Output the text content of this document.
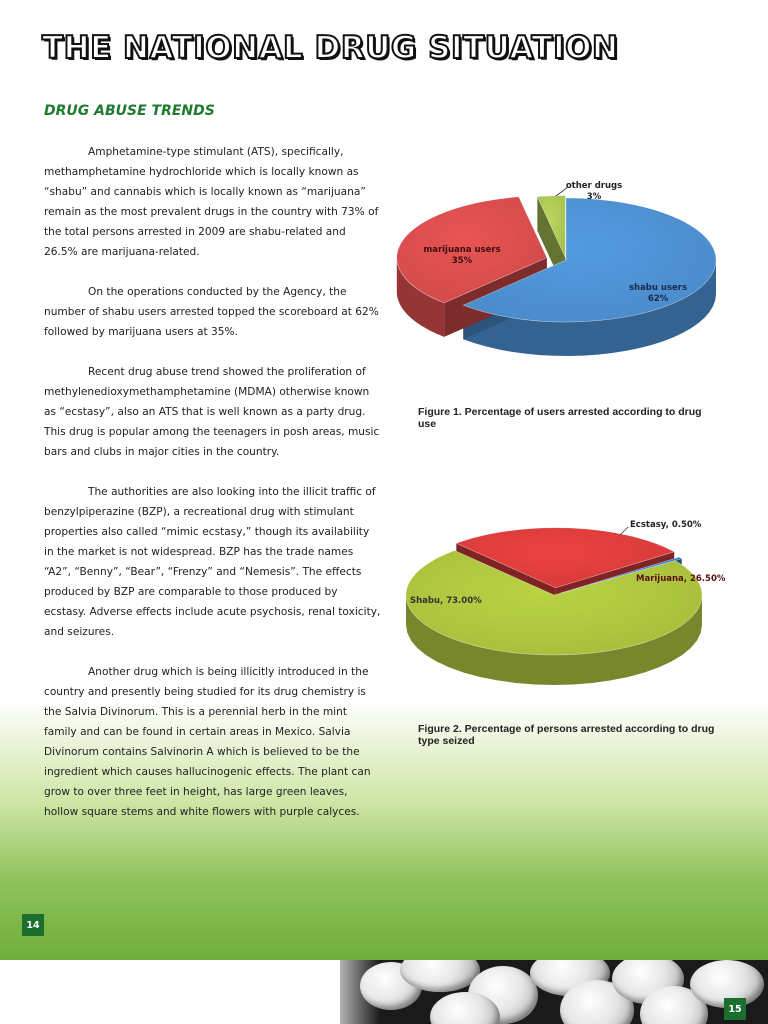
THE NATIONAL DRUG SITUATION
DRUG ABUSE TRENDS

Amphetamine-type stimulant (ATS), specifically, methamphetamine hydrochloride which is locally known as “shabu” and cannabis which is locally known as “marijuana” remain as the most prevalent drugs in the country with 73% of the total persons arrested in 2009 are shabu-related and 26.5% are marijuana-related.

On the operations conducted by the Agency, the number of shabu users arrested topped the scoreboard at 62% followed by marijuana users at 35%.

Recent drug abuse trend showed the proliferation of methylenedioxymethamphetamine (MDMA) otherwise known as “ecstasy”, also an ATS that is well known as a party drug. This drug is popular among the teenagers in posh areas, music bars and clubs in major cities in the country.

The authorities are also looking into the illicit traffic of benzylpiperazine (BZP), a recreational drug with stimulant properties also called “mimic ecstasy,” though its availability in the market is not widespread. BZP has the trade names “A2”, “Benny”, “Bear”, “Frenzy” and “Nemesis”. The effects produced by BZP are comparable to those produced by ecstasy. Adverse effects include acute psychosis, renal toxicity, and seizures.

Another drug which is being illicitly introduced in the country and presently being studied for its drug chemistry is the Salvia Divinorum. This is a perennial herb in the mint family and can be found in certain areas in Mexico. Salvia Divinorum contains Salvinorin A which is believed to be the ingredient which causes hallucinogenic effects. The plant can grow to over three feet in height, has large green leaves, hollow square stems and white flowers with purple calyces.

shabu users
62%
marijuana users
35%
other drugs
3%
Figure 1. Percentage of users arrested according to drug use
Shabu, 73.00%
Marijuana, 26.50%
Ecstasy, 0.50%
Figure 2. Percentage of persons arrested according to drug type seized
14
15
